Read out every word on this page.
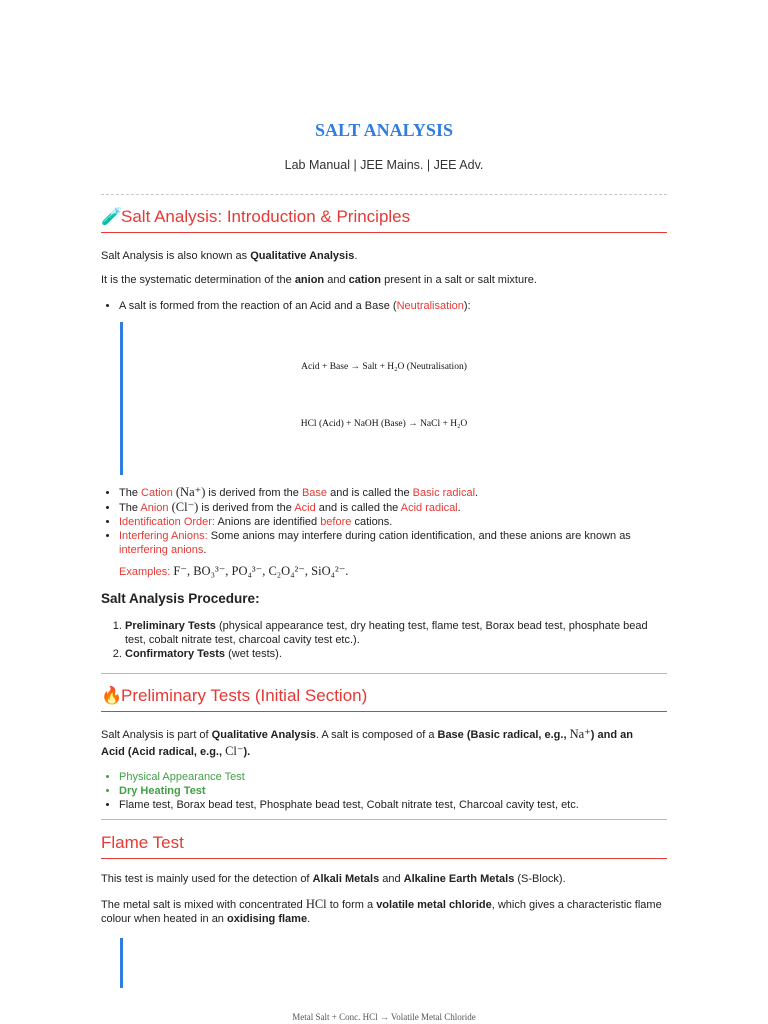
SALT ANALYSIS
Lab Manual | JEE Mains. | JEE Adv.
🧪Salt Analysis: Introduction & Principles
Salt Analysis is also known as Qualitative Analysis.
It is the systematic determination of the anion and cation present in a salt or salt mixture.
• A salt is formed from the reaction of an Acid and a Base (Neutralisation):
Acid + Base → Salt + H₂O (Neutralisation)
HCl (Acid) + NaOH (Base) → NaCl + H₂O
• The Cation (Na⁺) is derived from the Base and is called the Basic radical.
• The Anion (Cl⁻) is derived from the Acid and is called the Acid radical.
• Identification Order: Anions are identified before cations.
• Interfering Anions: Some anions may interfere during cation identification, and these anions are known as interfering anions.
Examples: F⁻, BO₃³⁻, PO₄³⁻, C₂O₄²⁻, SiO₄²⁻.
Salt Analysis Procedure:
1. Preliminary Tests (physical appearance test, dry heating test, flame test, Borax bead test, phosphate bead test, cobalt nitrate test, charcoal cavity test etc.).
2. Confirmatory Tests (wet tests).
🔥Preliminary Tests (Initial Section)
Salt Analysis is part of Qualitative Analysis. A salt is composed of a Base (Basic radical, e.g., Na⁺) and an
Acid (Acid radical, e.g., Cl⁻).
• Physical Appearance Test
• Dry Heating Test
• Flame test, Borax bead test, Phosphate bead test, Cobalt nitrate test, Charcoal cavity test, etc.
Flame Test
This test is mainly used for the detection of Alkali Metals and Alkaline Earth Metals (S-Block).
The metal salt is mixed with concentrated HCl to form a volatile metal chloride, which gives a characteristic flame colour when heated in an oxidising flame.
Metal Salt + Conc. HCl → Volatile Metal Chloride
